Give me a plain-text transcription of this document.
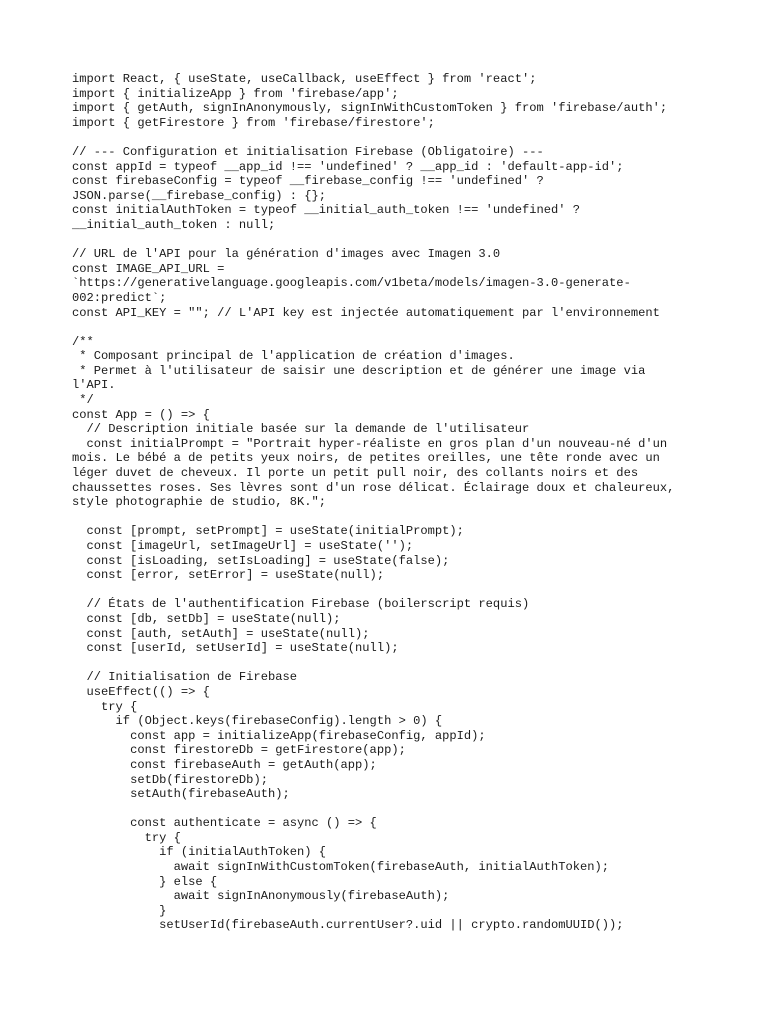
import React, { useState, useCallback, useEffect } from 'react';
import { initializeApp } from 'firebase/app';
import { getAuth, signInAnonymously, signInWithCustomToken } from 'firebase/auth';
import { getFirestore } from 'firebase/firestore';
// --- Configuration et initialisation Firebase (Obligatoire) ---
const appId = typeof __app_id !== 'undefined' ? __app_id : 'default-app-id';
const firebaseConfig = typeof __firebase_config !== 'undefined' ?
JSON.parse(__firebase_config) : {};
const initialAuthToken = typeof __initial_auth_token !== 'undefined' ?
__initial_auth_token : null;
// URL de l'API pour la génération d'images avec Imagen 3.0
const IMAGE_API_URL =
`https://generativelanguage.googleapis.com/v1beta/models/imagen-3.0-generate-
002:predict`;
const API_KEY = ""; // L'API key est injectée automatiquement par l'environnement
/**
* Composant principal de l'application de création d'images.
* Permet à l'utilisateur de saisir une description et de générer une image via
l'API.
*/
const App = () => {
// Description initiale basée sur la demande de l'utilisateur
const initialPrompt = "Portrait hyper-réaliste en gros plan d'un nouveau-né d'un
mois. Le bébé a de petits yeux noirs, de petites oreilles, une tête ronde avec un
léger duvet de cheveux. Il porte un petit pull noir, des collants noirs et des
chaussettes roses. Ses lèvres sont d'un rose délicat. Éclairage doux et chaleureux,
style photographie de studio, 8K.";
const [prompt, setPrompt] = useState(initialPrompt);
const [imageUrl, setImageUrl] = useState('');
const [isLoading, setIsLoading] = useState(false);
const [error, setError] = useState(null);
// États de l'authentification Firebase (boilerscript requis)
const [db, setDb] = useState(null);
const [auth, setAuth] = useState(null);
const [userId, setUserId] = useState(null);
// Initialisation de Firebase
useEffect(() => {
try {
if (Object.keys(firebaseConfig).length > 0) {
const app = initializeApp(firebaseConfig, appId);
const firestoreDb = getFirestore(app);
const firebaseAuth = getAuth(app);
setDb(firestoreDb);
setAuth(firebaseAuth);
const authenticate = async () => {
try {
if (initialAuthToken) {
await signInWithCustomToken(firebaseAuth, initialAuthToken);
} else {
await signInAnonymously(firebaseAuth);
}
setUserId(firebaseAuth.currentUser?.uid || crypto.randomUUID());
